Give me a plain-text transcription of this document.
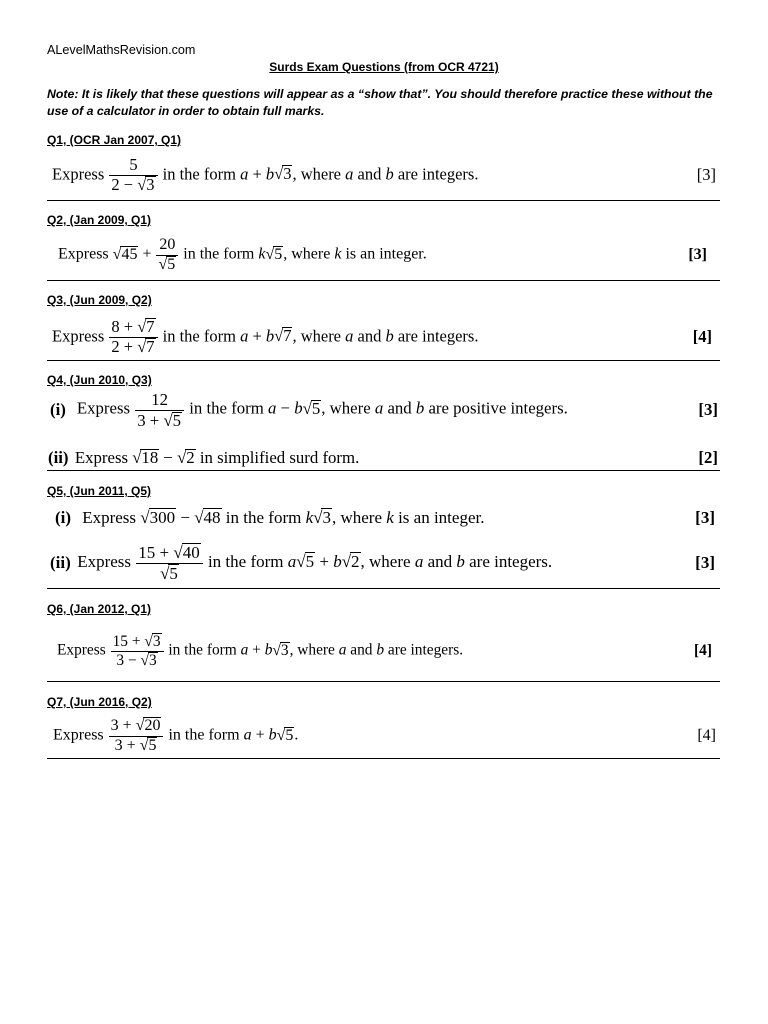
ALevelMathsRevision.com
Surds Exam Questions (from OCR 4721)
Note: It is likely that these questions will appear as a “show that”. You should therefore practice these without the use of a calculator in order to obtain full marks.
Q1, (OCR Jan 2007, Q1)
Express $\frac{5}{2 - √3}$ in the form a + b√3, where a and b are integers.	[3]
Q2, (Jan 2009, Q1)
Express $√45 + \frac{20}{√5}$ in the form k√5, where k is an integer.	[3]
Q3, (Jun 2009, Q2)
Express $\frac{8 + √7}{2 + √7}$ in the form a + b√7, where a and b are integers.	[4]
Q4, (Jun 2010, Q3)
(i) Express $\frac{12}{3 + √5}$ in the form a − b√5, where a and b are positive integers.	[3]
(ii) Express √18 − √2 in simplified surd form.	[2]
Q5, (Jun 2011, Q5)
(i) Express √300 − √48 in the form k√3, where k is an integer.	[3]
(ii) Express $\frac{15 + √40}{√5}$ in the form a√5 + b√2, where a and b are integers.	[3]
Q6, (Jan 2012, Q1)
Express $\frac{15 + √3}{3 - √3}$ in the form a + b√3, where a and b are integers.	[4]
Q7, (Jun 2016, Q2)
Express $\frac{3 + √20}{3 + √5}$ in the form a + b√5.	[4]
